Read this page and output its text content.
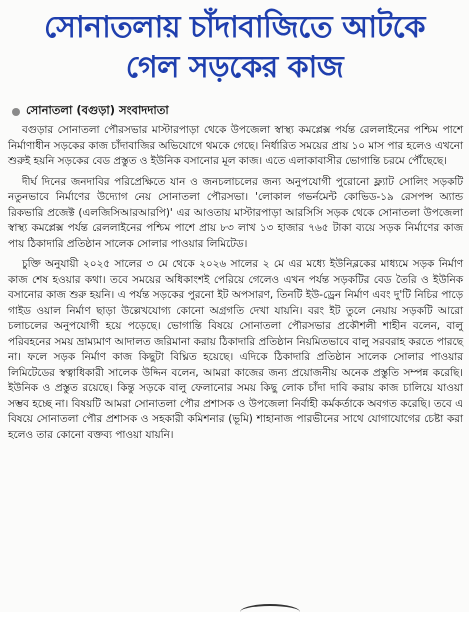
সোনাতলায় চাঁদাবাজিতে আটকে
গেল সড়কের কাজ
সোনাতলা (বগুড়া) সংবাদদাতা

বগুড়ার সোনাতলা পৌরসভার মাস্টারপাড়া থেকে উপজেলা স্বাস্থ্য কমপ্লেক্স পর্যন্ত রেললাইনের পশ্চিম পাশে নির্মাণাধীন সড়কের কাজ চাঁদাবাজির অভিযোগে থমকে গেছে। নির্ধারিত সময়ের প্রায় ১০ মাস পার হলেও এখনো শুরুই হয়নি সড়কের বেড প্রস্তুত ও ইউনিক বসানোর মূল কাজ। এতে এলাকাবাসীর ভোগান্তি চরমে পৌঁছেছে।

দীর্ঘ দিনের জনদাবির পরিপ্রেক্ষিতে যান ও জনচলাচলের জন্য অনুপযোগী পুরোনো ফ্ল্যাট সোলিং সড়কটি নতুনভাবে নির্মাণের উদ্যোগ নেয় সোনাতলা পৌরসভা। 'লোকাল গভর্নমেন্ট কোভিড-১৯ রেসপন্স অ্যান্ড রিকভারি প্রজেক্ট (এলজিসিআরআরপি)' এর আওতায় মাস্টারপাড়া আরসিসি সড়ক থেকে সোনাতলা উপজেলা স্বাস্থ্য কমপ্লেক্স পর্যন্ত রেললাইনের পশ্চিম পাশে প্রায় ৮৩ লাখ ১৩ হাজার ৭৬৫ টাকা ব্যয়ে সড়ক নির্মাণের কাজ পায় ঠিকাদারি প্রতিষ্ঠান সালেক সোলার পাওয়ার লিমিটেড।

চুক্তি অনুযায়ী ২০২৫ সালের ৩ মে থেকে ২০২৬ সালের ২ মে এর মধ্যে ইউনিব্লকের মাধ্যমে সড়ক নির্মাণ কাজ শেষ হওয়ার কথা। তবে সময়ের অধিকাংশই পেরিয়ে গেলেও এখন পর্যন্ত সড়কটির বেড তৈরি ও ইউনিক বসানোর কাজ শুরু হয়নি। এ পর্যন্ত সড়কের পুরনো ইট অপসারণ, তিনটি ইউ-ড্রেন নির্মাণ এবং দু'টি নিচির পাড়ে গাইড ওয়াল নির্মাণ ছাড়া উল্লেখযোগ্য কোনো অগ্রগতি দেখা যায়নি। বরং ইট তুলে নেয়ায় সড়কটি আরো চলাচলের অনুপযোগী হয়ে পড়েছে। ভোগান্তি বিষয়ে সোনাতলা পৌরসভার প্রকৌশলী শাহীন বলেন, বালু পরিবহনের সময় ভ্রাম্যমাণ আদালত জরিমানা করায় ঠিকাদারি প্রতিষ্ঠান নিয়মিতভাবে বালু সরবরাহ করতে পারছে না। ফলে সড়ক নির্মাণ কাজ কিছুটা বিঘ্নিত হয়েছে। এদিকে ঠিকাদারি প্রতিষ্ঠান সালেক সোলার পাওয়ার লিমিটেডের স্বত্বাধিকারী সালেক উদ্দিন বলেন, আমরা কাজের জন্য প্রয়োজনীয় অনেক প্রস্তুতি সম্পন্ন করেছি। ইউনিক ও প্রস্তুত রয়েছে। কিন্তু সড়কে বালু ফেলানোর সময় কিছু লোক চাঁদা দাবি করায় কাজ চালিয়ে যাওয়া সম্ভব হচ্ছে না। বিষয়টি আমরা সোনাতলা পৌর প্রশাসক ও উপজেলা নির্বাহী কর্মকর্তাকে অবগত করেছি। তবে এ বিষয়ে সোনাতলা পৌর প্রশাসক ও সহকারী কমিশনার (ভূমি) শাহানাজ পারভীনের সাথে যোগাযোগের চেষ্টা করা হলেও তার কোনো বক্তব্য পাওয়া যায়নি।
